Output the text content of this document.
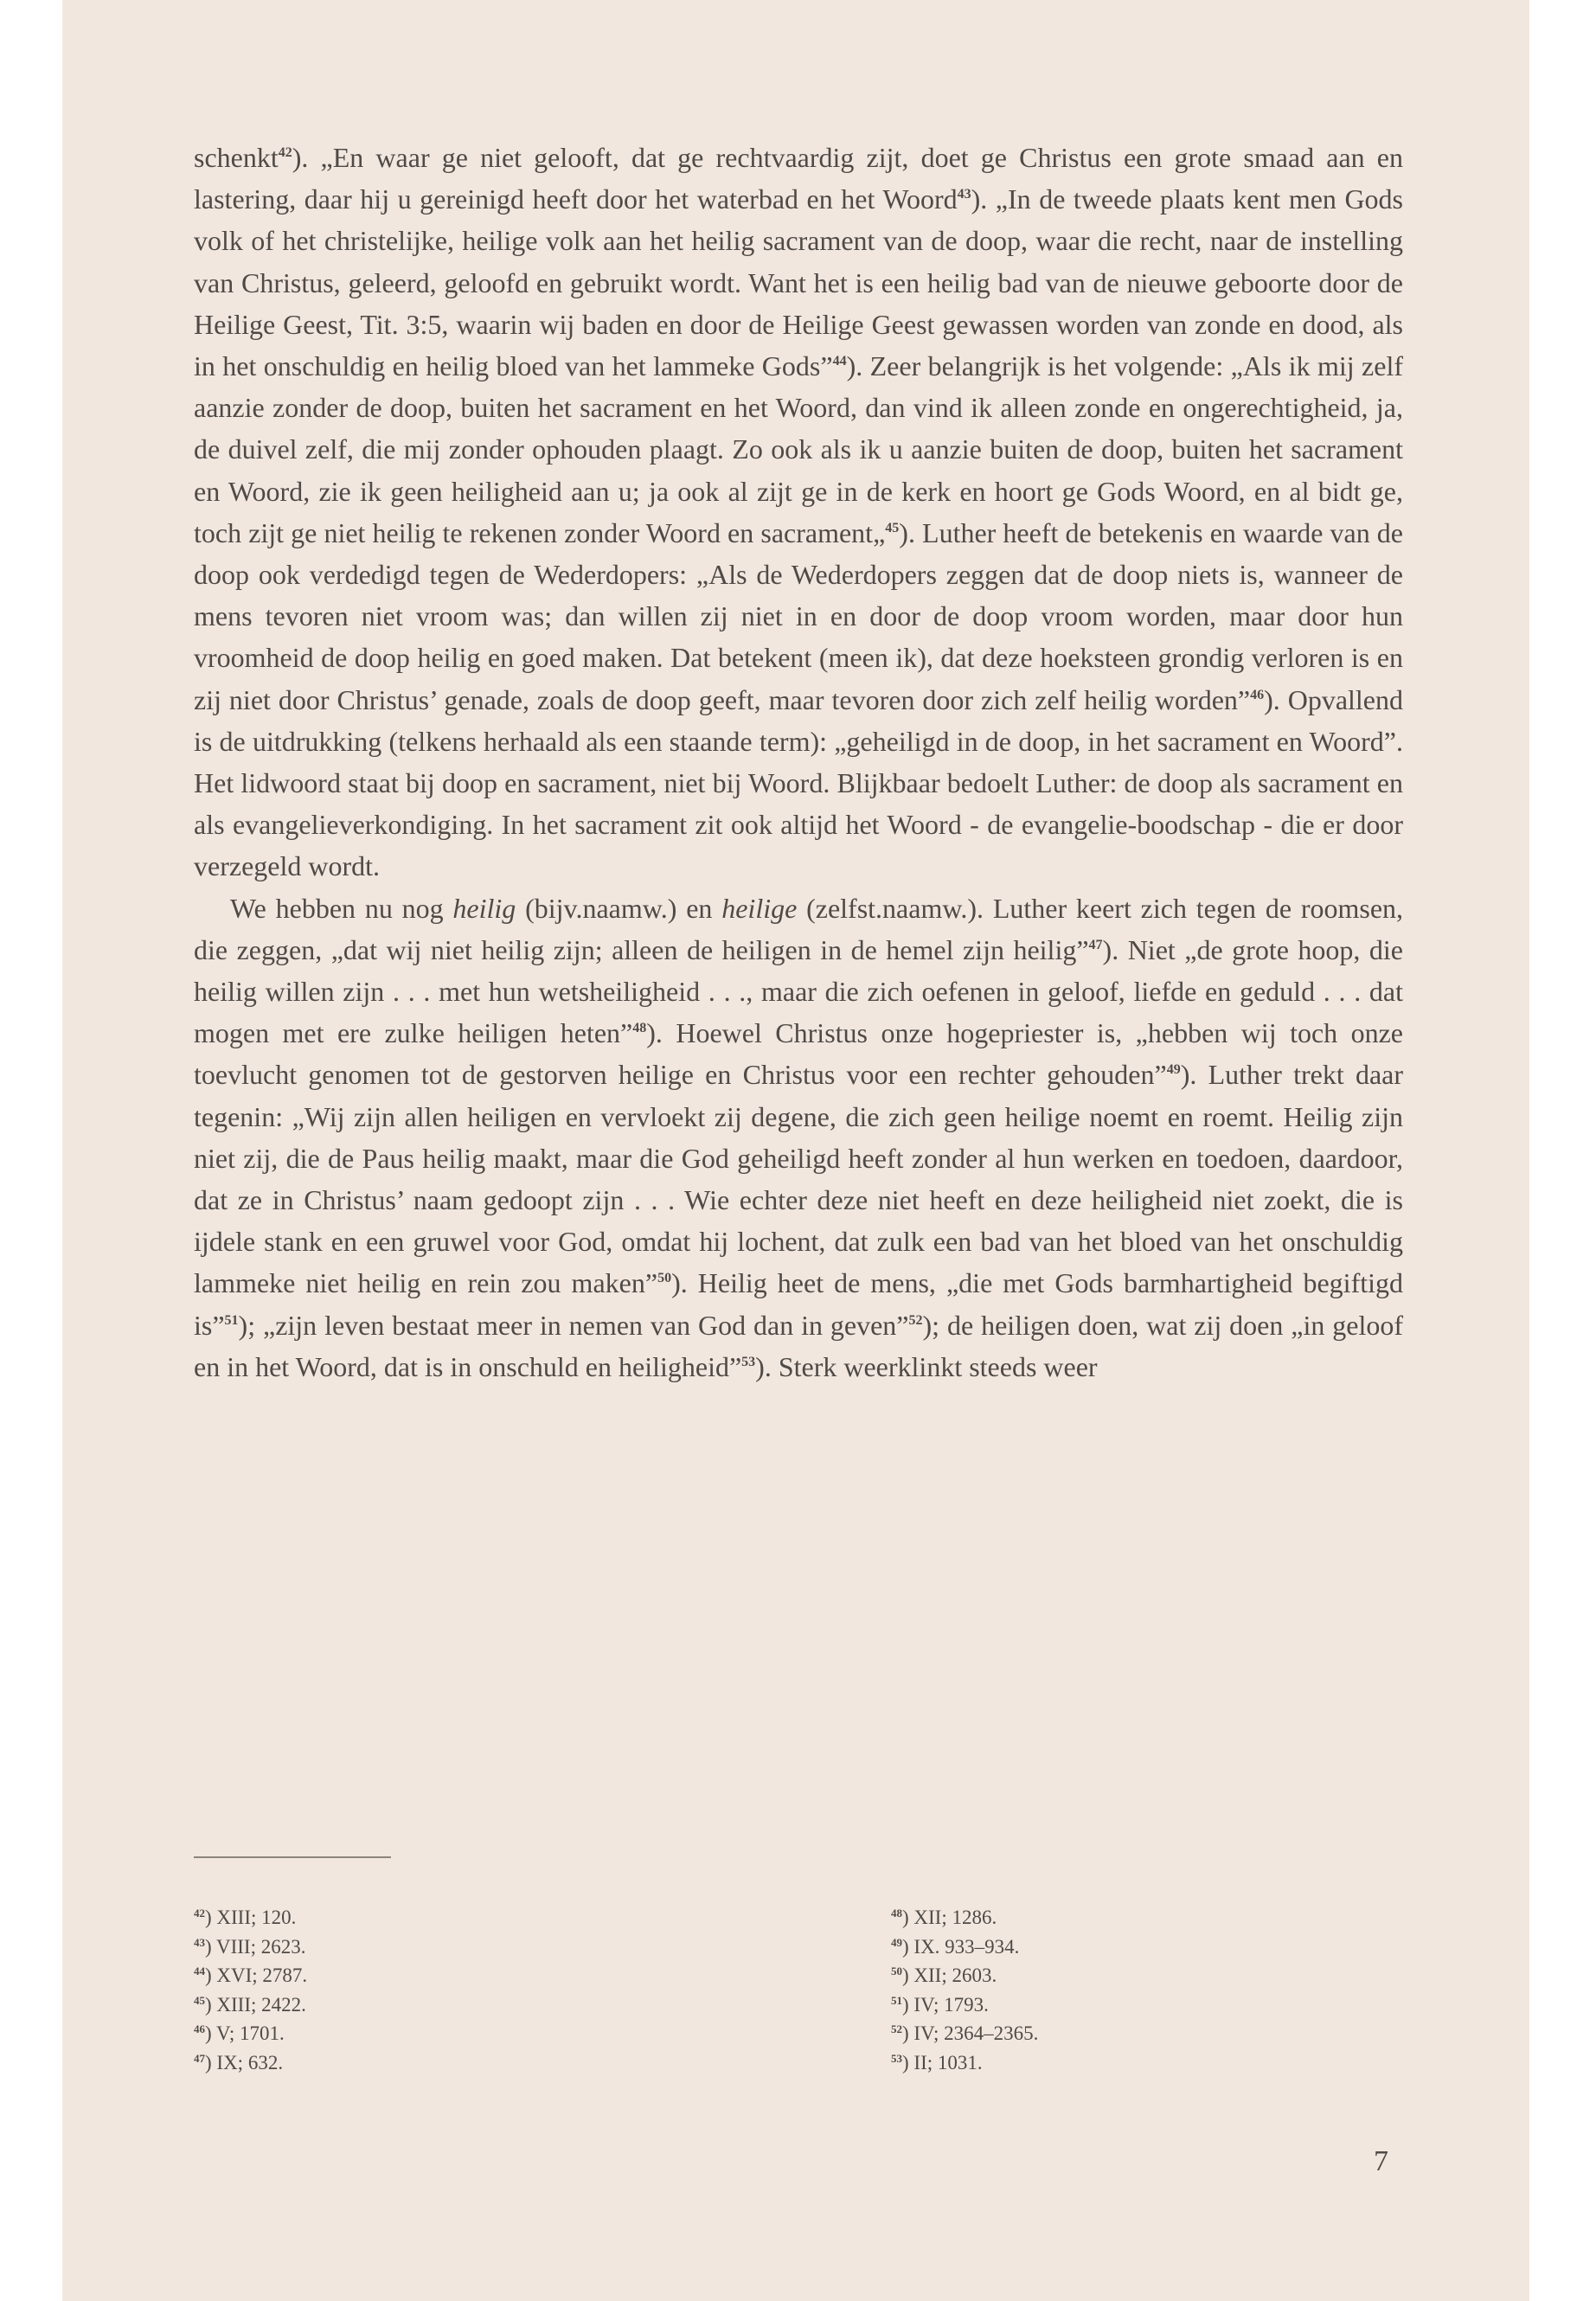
schenkt$^{42}$). „En waar ge niet gelooft, dat ge rechtvaardig zijt, doet ge Christus een grote smaad aan en lastering, daar hij u gereinigd heeft door het waterbad en het Woord$^{43}$). „In de tweede plaats kent men Gods volk of het christelijke, heilige volk aan het heilig sacrament van de doop, waar die recht, naar de instelling van Christus, geleerd, geloofd en gebruikt wordt. Want het is een heilig bad van de nieuwe geboorte door de Heilige Geest, Tit. 3:5, waarin wij baden en door de Heilige Geest gewassen worden van zonde en dood, als in het onschuldig en heilig bloed van het lammeke Gods”$^{44}$). Zeer belangrijk is het volgende: „Als ik mij zelf aanzie zonder de doop, buiten het sacrament en het Woord, dan vind ik alleen zonde en ongerechtigheid, ja, de duivel zelf, die mij zonder ophouden plaagt. Zo ook als ik u aanzie buiten de doop, buiten het sacrament en Woord, zie ik geen heiligheid aan u; ja ook al zijt ge in de kerk en hoort ge Gods Woord, en al bidt ge, toch zijt ge niet heilig te rekenen zonder Woord en sacrament„$^{45}$). Luther heeft de betekenis en waarde van de doop ook verdedigd tegen de Wederdopers: „Als de Wederdopers zeggen dat de doop niets is, wanneer de mens tevoren niet vroom was; dan willen zij niet in en door de doop vroom worden, maar door hun vroomheid de doop heilig en goed maken. Dat betekent (meen ik), dat deze hoeksteen grondig verloren is en zij niet door Christus’ genade, zoals de doop geeft, maar tevoren door zich zelf heilig worden”$^{46}$). Opvallend is de uitdrukking (telkens herhaald als een staande term): „geheiligd in de doop, in het sacrament en Woord”. Het lidwoord staat bij doop en sacrament, niet bij Woord. Blijkbaar bedoelt Luther: de doop als sacrament en als evangelieverkondiging. In het sacrament zit ook altijd het Woord - de evangelie-boodschap - die er door verzegeld wordt.

We hebben nu nog heilig (bijv.naamw.) en heilige (zelfst.naamw.). Luther keert zich tegen de roomsen, die zeggen, „dat wij niet heilig zijn; alleen de heiligen in de hemel zijn heilig”$^{47}$). Niet „de grote hoop, die heilig willen zijn . . . met hun wetsheiligheid . . ., maar die zich oefenen in geloof, liefde en geduld . . . dat mogen met ere zulke heiligen heten”$^{48}$). Hoewel Christus onze hogepriester is, „hebben wij toch onze toevlucht genomen tot de gestorven heilige en Christus voor een rechter gehouden”$^{49}$). Luther trekt daar tegenin: „Wij zijn allen heiligen en vervloekt zij degene, die zich geen heilige noemt en roemt. Heilig zijn niet zij, die de Paus heilig maakt, maar die God geheiligd heeft zonder al hun werken en toedoen, daardoor, dat ze in Christus’ naam gedoopt zijn . . . Wie echter deze niet heeft en deze heiligheid niet zoekt, die is ijdele stank en een gruwel voor God, omdat hij lochent, dat zulk een bad van het bloed van het onschuldig lammeke niet heilig en rein zou maken”$^{50}$). Heilig heet de mens, „die met Gods barmhartigheid begiftigd is”$^{51}$); „zijn leven bestaat meer in nemen van God dan in geven”$^{52}$); de heiligen doen, wat zij doen „in geloof en in het Woord, dat is in onschuld en heiligheid”$^{53}$). Sterk weerklinkt steeds weer

$^{42}$) XIII; 120.
$^{43}$) VIII; 2623.
$^{44}$) XVI; 2787.
$^{45}$) XIII; 2422.
$^{46}$) V; 1701.
$^{47}$) IX; 632.
$^{48}$) XII; 1286.
$^{49}$) IX. 933–934.
$^{50}$) XII; 2603.
$^{51}$) IV; 1793.
$^{52}$) IV; 2364–2365.
$^{53}$) II; 1031.
7
